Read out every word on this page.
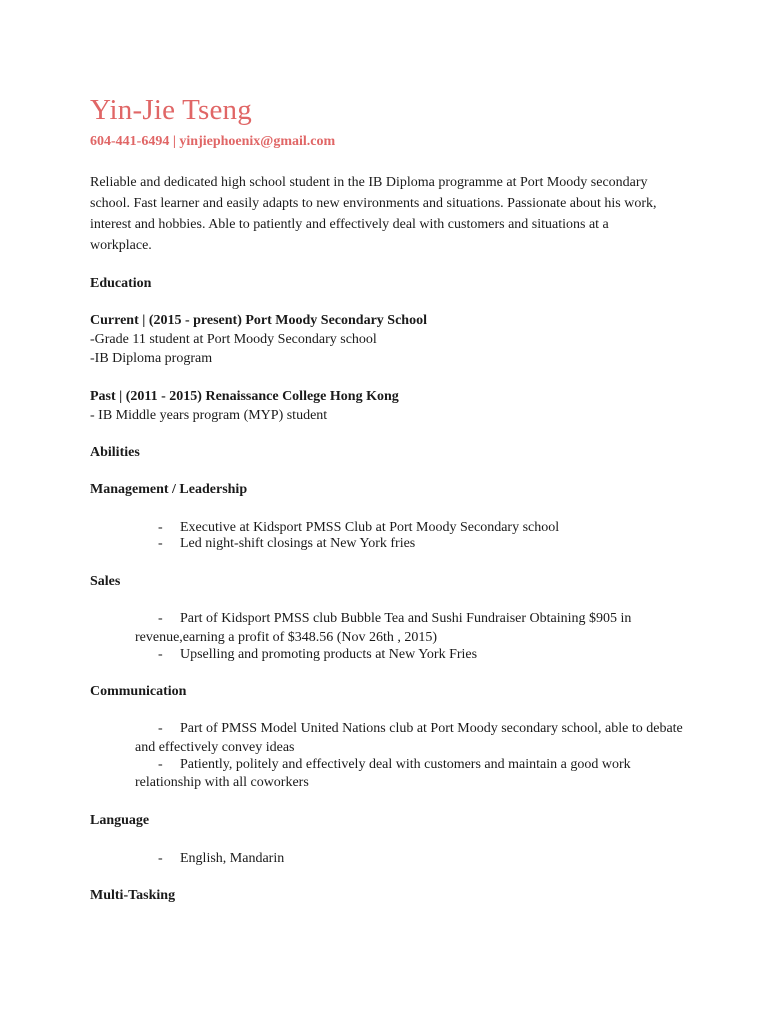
Yin-Jie Tseng
604-441-6494 | yinjiephoenix@gmail.com
Reliable and dedicated high school student in the IB Diploma programme at Port Moody secondary school. Fast learner and easily adapts to new environments and situations. Passionate about his work, interest and hobbies. Able to patiently and effectively deal with customers and situations at a workplace.
Education
Current | (2015 - present) Port Moody Secondary School
-Grade 11 student at Port Moody Secondary school
-IB Diploma program
Past | (2011 - 2015) Renaissance College Hong Kong
- IB Middle years program (MYP) student
Abilities
Management / Leadership
- Executive at Kidsport PMSS Club at Port Moody Secondary school
- Led night-shift closings at New York fries
Sales
- Part of Kidsport PMSS club Bubble Tea and Sushi Fundraiser Obtaining $905 in
revenue,earning a profit of $348.56 (Nov 26th , 2015)
- Upselling and promoting products at New York Fries
Communication
- Part of PMSS Model United Nations club at Port Moody secondary school, able to debate
and effectively convey ideas
- Patiently, politely and effectively deal with customers and maintain a good work
relationship with all coworkers
Language
- English, Mandarin
Multi-Tasking
